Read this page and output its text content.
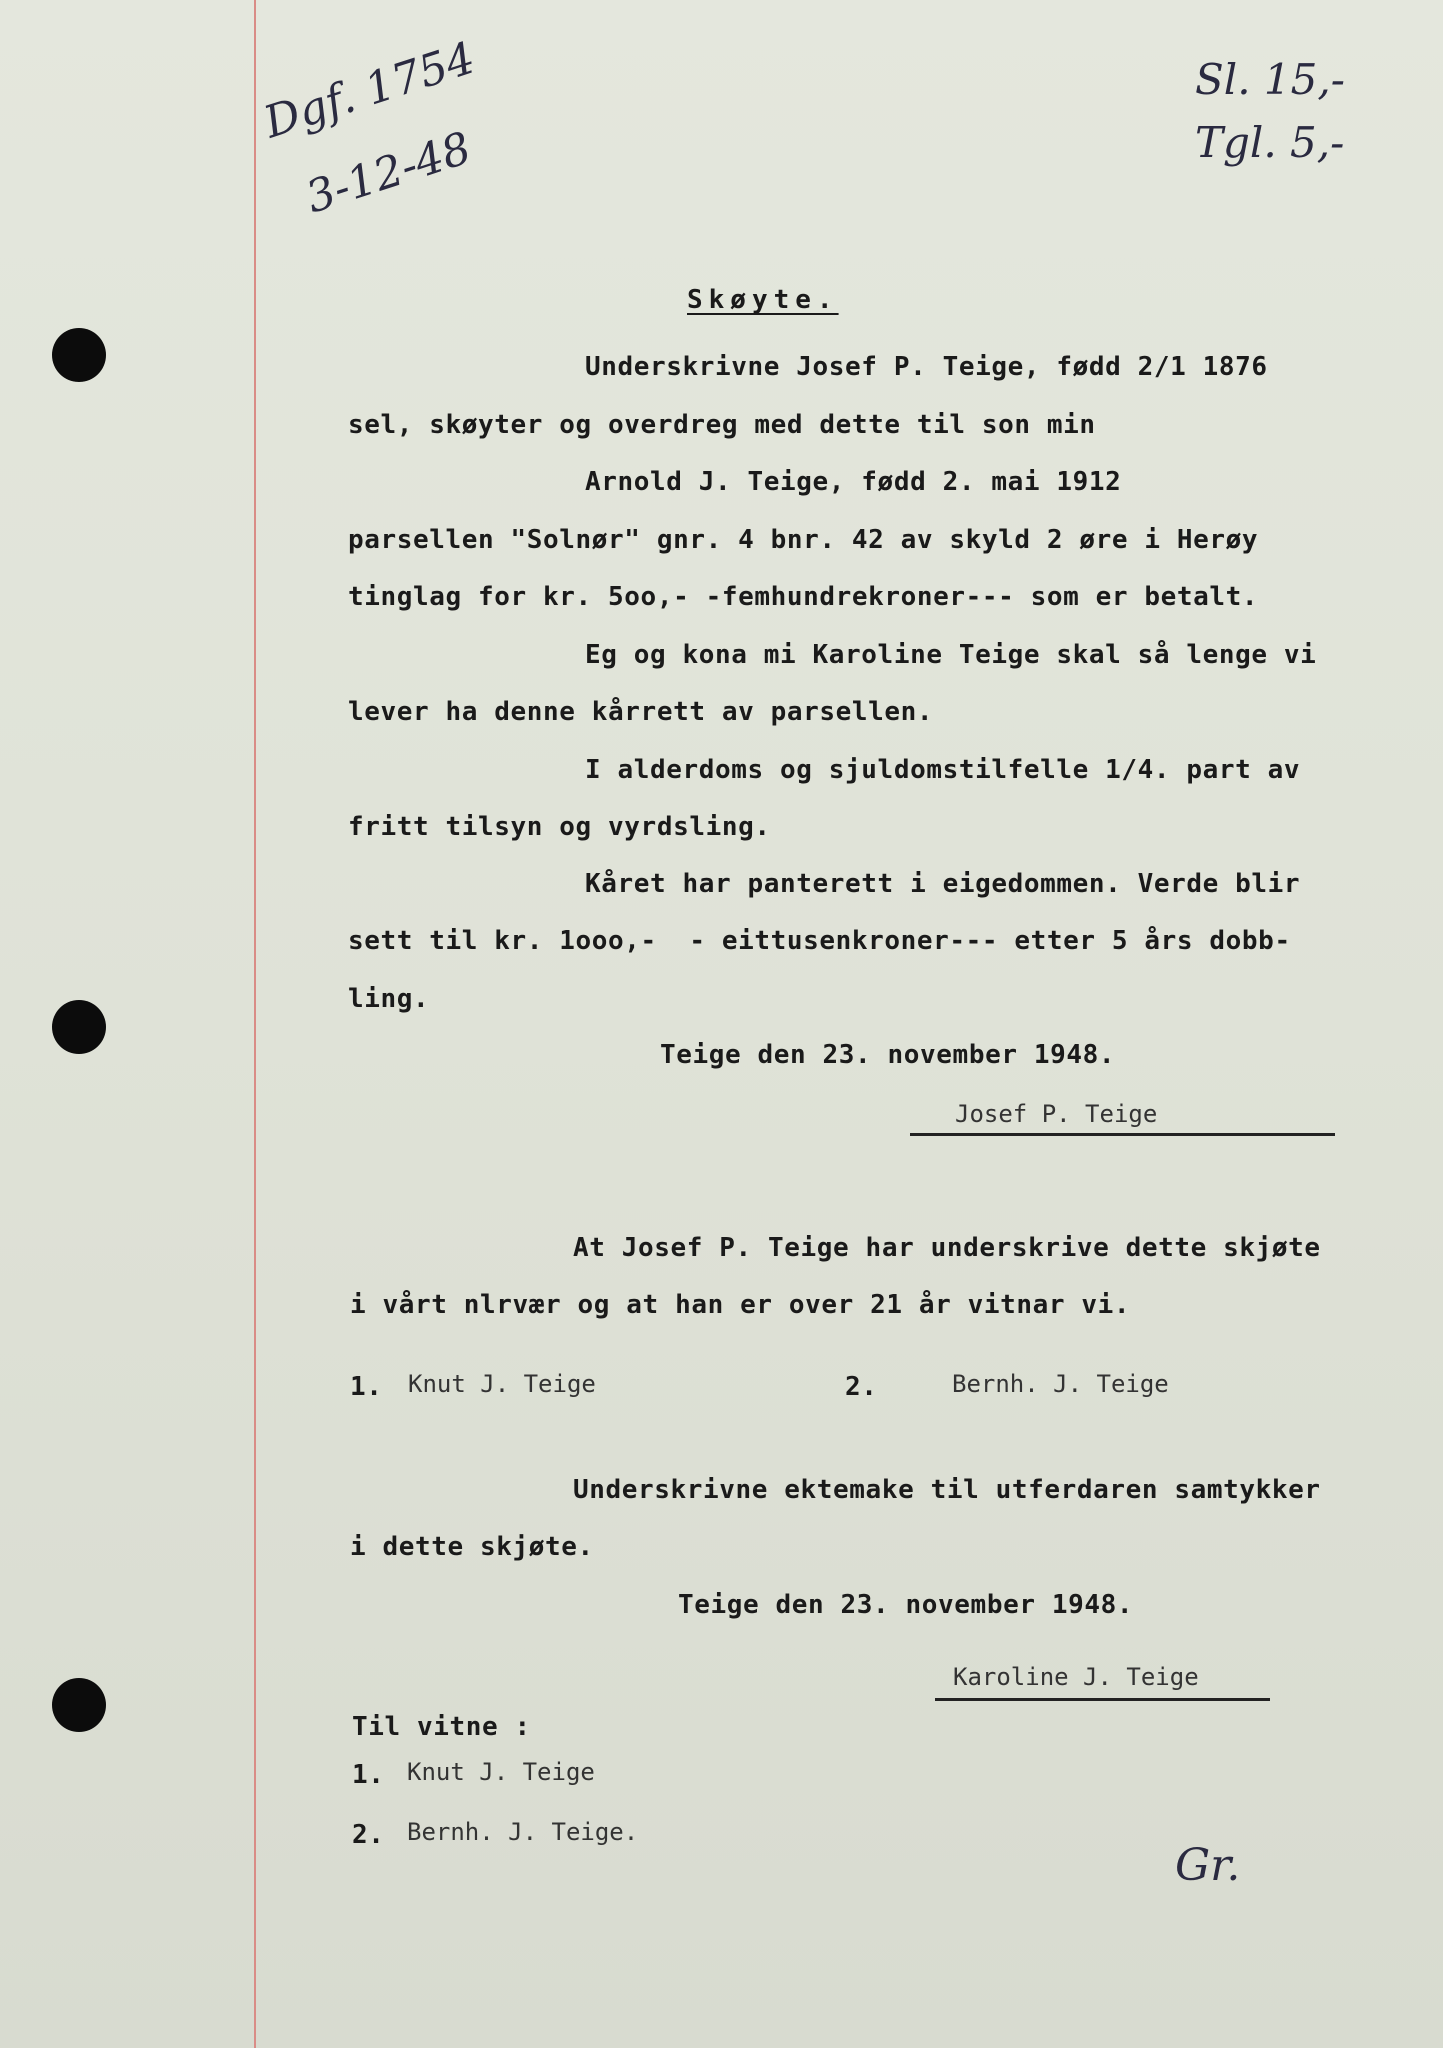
Dgf. 1754
3-12-48
Sl. 15,-
Tgl. 5,-
Skøyte.
Underskrivne Josef P. Teige, fødd 2/1 1876
sel, skøyter og overdreg med dette til son min
Arnold J. Teige, fødd 2. mai 1912
parsellen "Solnør" gnr. 4 bnr. 42 av skyld 2 øre i Herøy
tinglag for kr. 5oo,- -femhundrekroner--- som er betalt.
Eg og kona mi Karoline Teige skal så lenge vi
lever ha denne kårrett av parsellen.
I alderdoms og sjuldomstilfelle 1/4. part av
fritt tilsyn og vyrdsling.
Kåret har panterett i eigedommen. Verde blir
sett til kr. 1ooo,-  - eittusenkroner--- etter 5 års dobb-
ling.
Teige den 23. november 1948.
Josef P. Teige
At Josef P. Teige har underskrive dette skjøte
i vårt nlrvær og at han er over 21 år vitnar vi.
1. Knut J. Teige	2.	Bernh. J. Teige
Underskrivne ektemake til utferdaren samtykker
i dette skjøte.
Teige den 23. november 1948.
Karoline J. Teige
Til vitne :
1. Knut J. Teige
2. Bernh. J. Teige.
Gr.
